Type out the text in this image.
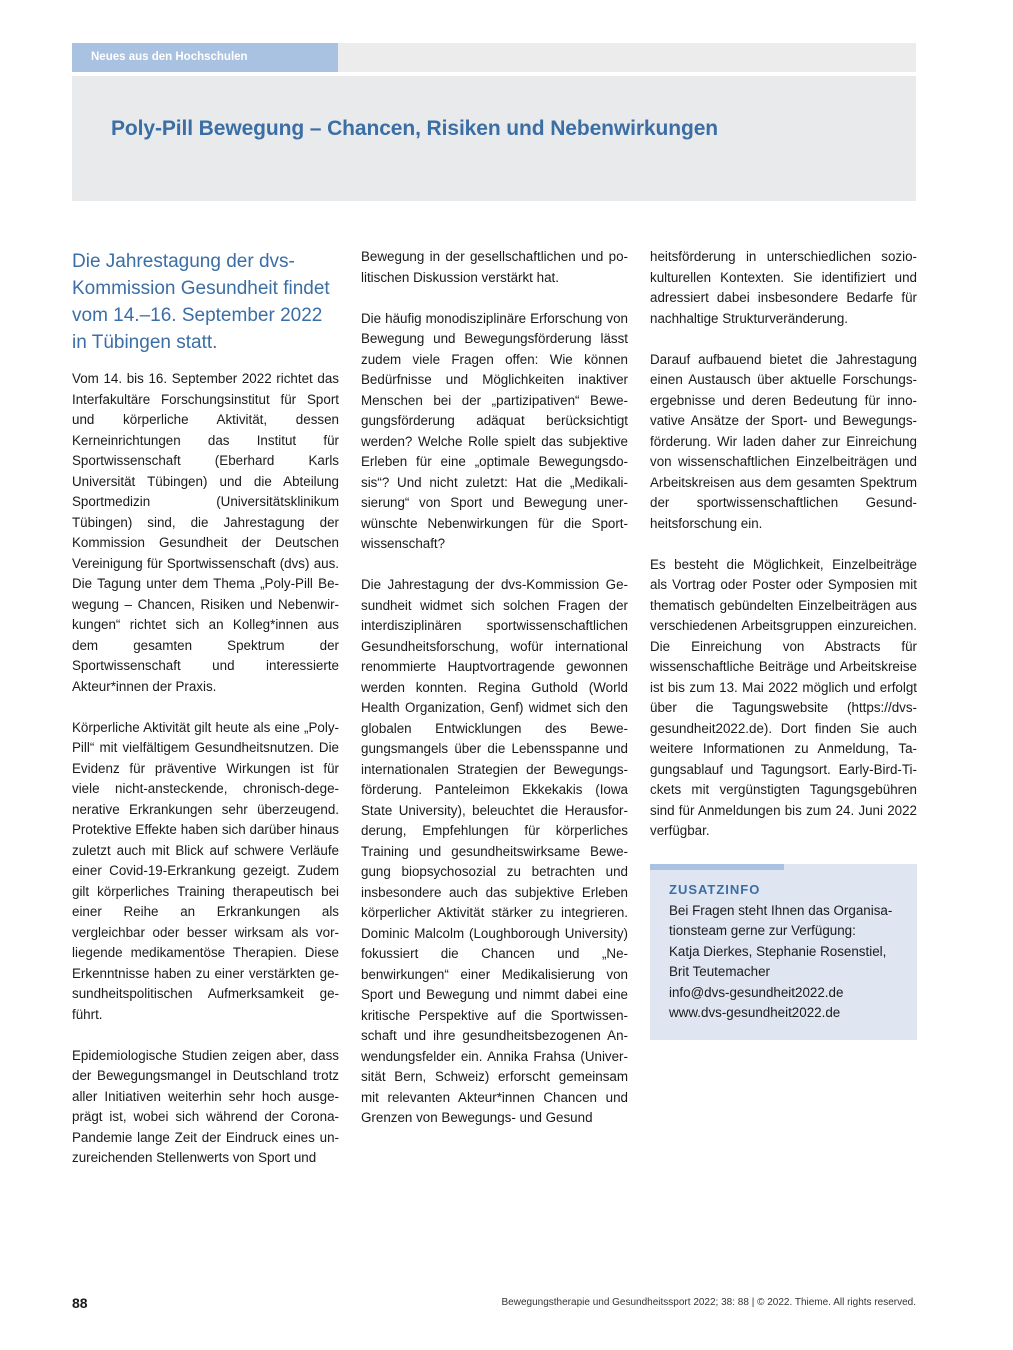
Neues aus den Hochschulen
Poly-Pill Bewegung – Chancen, Risiken und Nebenwirkungen
Die Jahrestagung der dvs-Kommission Gesundheit findet vom 14.–16. September 2022 in Tübingen statt.

Vom 14. bis 16. September 2022 richtet das Interfakultäre Forschungsinstitut für Sport und körperliche Aktivität, dessen Kerneinrichtungen das Institut für Sportwissenschaft (Eberhard Karls Universität Tübingen) und die Abteilung Sportmedizin (Universitätsklinikum Tübingen) sind, die Jahrestagung der Kommission Gesundheit der Deutschen Vereinigung für Sportwissenschaft (dvs) aus. Die Tagung unter dem Thema „Poly-Pill Bewegung – Chancen, Risiken und Nebenwirkungen“ richtet sich an Kolleg*innen aus dem gesamten Spektrum der Sportwissenschaft und interessierte Akteur*innen der Praxis.

Körperliche Aktivität gilt heute als eine „Poly-Pill“ mit vielfältigem Gesundheitsnutzen. Die Evidenz für präventive Wirkungen ist für viele nicht-ansteckende, chronisch-degenerative Erkrankungen sehr überzeugend. Protektive Effekte haben sich darüber hinaus zuletzt auch mit Blick auf schwere Verläufe einer Covid-19-Erkrankung gezeigt. Zudem gilt körperliches Training therapeutisch bei einer Reihe an Erkrankungen als vergleichbar oder besser wirksam als vorliegende medikamentöse Therapien. Diese Erkenntnisse haben zu einer verstärkten gesundheitspolitischen Aufmerksamkeit geführt.

Epidemiologische Studien zeigen aber, dass der Bewegungsmangel in Deutschland trotz aller Initiativen weiterhin sehr hoch ausgeprägt ist, wobei sich während der Corona-Pandemie lange Zeit der Eindruck eines unzureichenden Stellenwerts von Sport und

Bewegung in der gesellschaftlichen und politischen Diskussion verstärkt hat.

Die häufig monodisziplinäre Erforschung von Bewegung und Bewegungsförderung lässt zudem viele Fragen offen: Wie können Bedürfnisse und Möglichkeiten inaktiver Menschen bei der „partizipativen“ Bewegungsförderung adäquat berücksichtigt werden? Welche Rolle spielt das subjektive Erleben für eine „optimale Bewegungsdosis“? Und nicht zuletzt: Hat die „Medikalisierung“ von Sport und Bewegung unerwünschte Nebenwirkungen für die Sportwissenschaft?

Die Jahrestagung der dvs-Kommission Gesundheit widmet sich solchen Fragen der interdisziplinären sportwissenschaftlichen Gesundheitsforschung, wofür international renommierte Hauptvortragende gewonnen werden konnten. Regina Guthold (World Health Organization, Genf) widmet sich den globalen Entwicklungen des Bewegungsmangels über die Lebensspanne und internationalen Strategien der Bewegungsförderung. Panteleimon Ekkekakis (Iowa State University), beleuchtet die Herausforderung, Empfehlungen für körperliches Training und gesundheitswirksame Bewegung biopsychosozial zu betrachten und insbesondere auch das subjektive Erleben körperlicher Aktivität stärker zu integrieren. Dominic Malcolm (Loughborough University) fokussiert die Chancen und „Nebenwirkungen“ einer Medikalisierung von Sport und Bewegung und nimmt dabei eine kritische Perspektive auf die Sportwissenschaft und ihre gesundheitsbezogenen Anwendungsfelder ein. Annika Frahsa (Universität Bern, Schweiz) erforscht gemeinsam mit relevanten Akteur*innen Chancen und Grenzen von Bewegungs- und Gesund

heitsförderung in unterschiedlichen soziokulturellen Kontexten. Sie identifiziert und adressiert dabei insbesondere Bedarfe für nachhaltige Strukturveränderung.

Darauf aufbauend bietet die Jahrestagung einen Austausch über aktuelle Forschungsergebnisse und deren Bedeutung für innovative Ansätze der Sport- und Bewegungsförderung. Wir laden daher zur Einreichung von wissenschaftlichen Einzelbeiträgen und Arbeitskreisen aus dem gesamten Spektrum der sportwissenschaftlichen Gesundheitsforschung ein.

Es besteht die Möglichkeit, Einzelbeiträge als Vortrag oder Poster oder Symposien mit thematisch gebündelten Einzelbeiträgen aus verschiedenen Arbeitsgruppen einzureichen. Die Einreichung von Abstracts für wissenschaftliche Beiträge und Arbeitskreise ist bis zum 13. Mai 2022 möglich und erfolgt über die Tagungswebsite (https://dvsgesundheit2022.de). Dort finden Sie auch weitere Informationen zu Anmeldung, Tagungsablauf und Tagungsort. Early-Bird-Tickets mit vergünstigten Tagungsgebühren sind für Anmeldungen bis zum 24. Juni 2022 verfügbar.

ZUSATZINFO

Bei Fragen steht Ihnen das Organisationsteam gerne zur Verfügung:
Katja Dierkes, Stephanie Rosenstiel, Brit Teutemacher
info@dvs-gesundheit2022.de
www.dvs-gesundheit2022.de

88	Bewegungstherapie und Gesundheitssport 2022; 38: 88 | © 2022. Thieme. All rights reserved.
